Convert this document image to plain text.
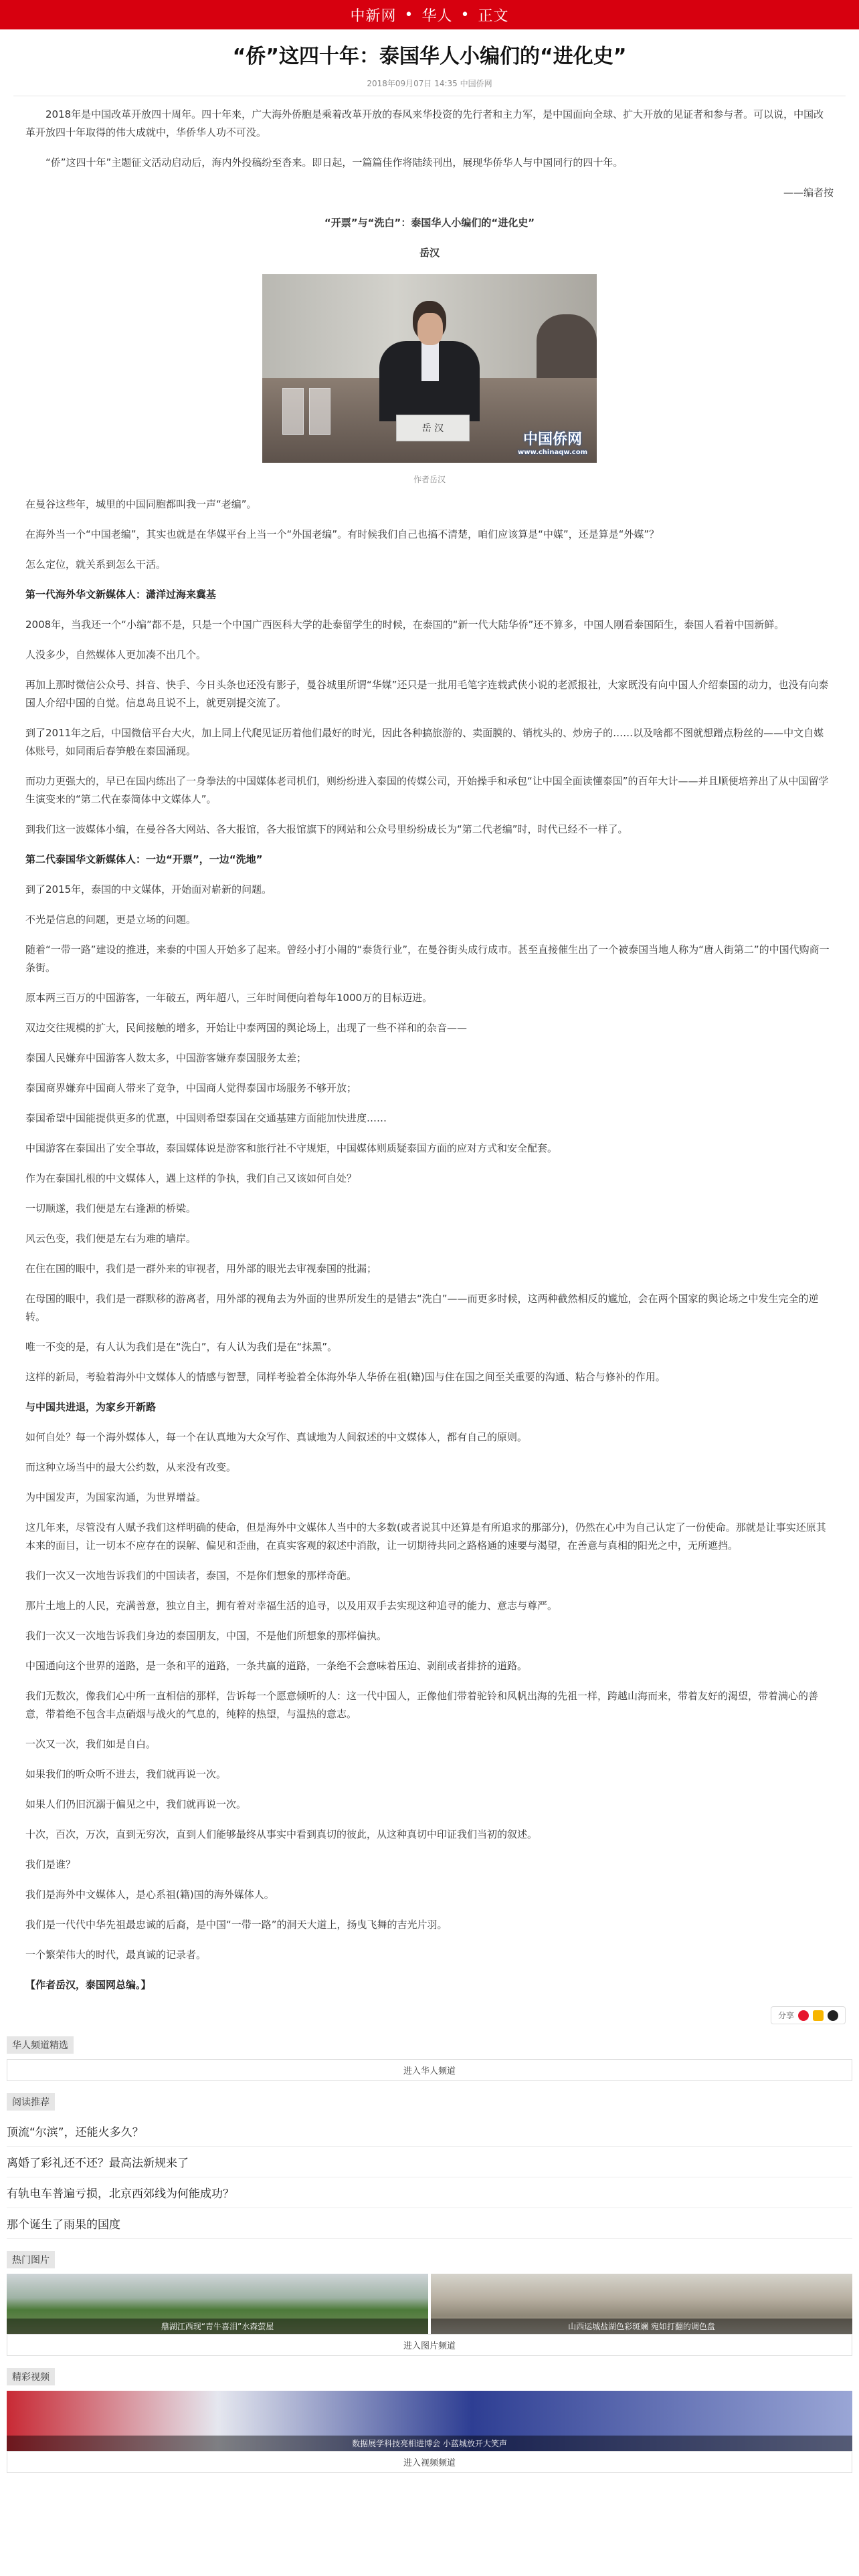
中新网 • 华人 • 正文
“侨”这四十年：泰国华人小编们的“进化史”
2018年09月07日 14:35 中国侨网

2018年是中国改革开放四十周年。四十年来，广大海外侨胞是乘着改革开放的春风来华投资的先行者和主力军，是中国面向全球、扩大开放的见证者和参与者。可以说，中国改革开放四十年取得的伟大成就中，华侨华人功不可没。

“侨”这四十年”主题征文活动启动后，海内外投稿纷至沓来。即日起，一篇篇佳作将陆续刊出，展现华侨华人与中国同行的四十年。

——编者按

“开票”与“洗白”：泰国华人小编们的“进化史”

岳汉

岳 汉
中国侨网
www.chinaqw.com
作者岳汉

在曼谷这些年，城里的中国同胞都叫我一声“老编”。

在海外当一个“中国老编”，其实也就是在华媒平台上当一个“外国老编”。有时候我们自己也搞不清楚，咱们应该算是“中媒”，还是算是“外媒”？

怎么定位，就关系到怎么干活。

第一代海外华文新媒体人：潇洋过海来冀基

2008年，当我还一个“小编”都不是，只是一个中国广西医科大学的赴泰留学生的时候，在泰国的“新一代大陆华侨”还不算多，中国人刚看泰国陌生，泰国人看着中国新鲜。

人没多少，自然媒体人更加凑不出几个。

再加上那时微信公众号、抖音、快手、今日头条也还没有影子，曼谷城里所谓“华媒”还只是一批用毛笔字连载武侠小说的老派报社，大家既没有向中国人介绍泰国的动力，也没有向泰国人介绍中国的自觉。信息岛且说不上，就更别提交流了。

到了2011年之后，中国微信平台大火，加上同上代爬见证历着他们最好的时光，因此各种搞旅游的、卖面膜的、销枕头的、炒房子的……以及啥都不图就想蹭点粉丝的——中文自媒体账号，如同雨后春笋般在泰国涌现。

而功力更强大的，早已在国内练出了一身拳法的中国媒体老司机们，则纷纷进入泰国的传媒公司，开始操手和承包“让中国全面读懂泰国”的百年大计——并且顺便培养出了从中国留学生演变来的“第二代在泰简体中文媒体人”。

到我们这一波媒体小编，在曼谷各大网站、各大报馆，各大报馆旗下的网站和公众号里纷纷成长为“第二代老编”时，时代已经不一样了。

第二代泰国华文新媒体人：一边“开票”，一边“洗地”

到了2015年，泰国的中文媒体，开始面对崭新的问题。

不光是信息的问题，更是立场的问题。

随着“一带一路”建设的推进，来泰的中国人开始多了起来。曾经小打小闹的“泰货行业”，在曼谷街头成行成市。甚至直接催生出了一个被泰国当地人称为“唐人街第二”的中国代购商一条街。

原本两三百万的中国游客，一年破五，两年超八，三年时间便向着每年1000万的目标迈进。

双边交往规模的扩大，民间接触的增多，开始让中泰两国的舆论场上，出现了一些不祥和的杂音——

泰国人民嫌弃中国游客人数太多，中国游客嫌弃泰国服务太差；

泰国商界嫌弃中国商人带来了竞争，中国商人觉得泰国市场服务不够开放；

泰国希望中国能提供更多的优惠，中国则希望泰国在交通基建方面能加快进度……

中国游客在泰国出了安全事故，泰国媒体说是游客和旅行社不守规矩，中国媒体则质疑泰国方面的应对方式和安全配套。

作为在泰国扎根的中文媒体人，遇上这样的争执，我们自己又该如何自处？

一切顺遂，我们便是左右逢源的桥梁。

风云色变，我们便是左右为难的墙岸。

在住在国的眼中，我们是一群外来的审视者，用外部的眼光去审视泰国的批漏；

在母国的眼中，我们是一群默移的游离者，用外部的视角去为外面的世界所发生的是错去“洗白”——而更多时候，这两种截然相反的尴尬，会在两个国家的舆论场之中发生完全的逆转。

唯一不变的是，有人认为我们是在“洗白”，有人认为我们是在“抹黑”。

这样的新局，考验着海外中文媒体人的情感与智慧，同样考验着全体海外华人华侨在祖(籍)国与住在国之间至关重要的沟通、粘合与修补的作用。

与中国共进退，为家乡开新路

如何自处？每一个海外媒体人，每一个在认真地为大众写作、真诚地为人间叙述的中文媒体人，都有自己的原则。

而这种立场当中的最大公约数，从来没有改变。

为中国发声，为国家沟通，为世界增益。

这几年来，尽管没有人赋予我们这样明确的使命，但是海外中文媒体人当中的大多数(或者说其中还算是有所追求的那部分)，仍然在心中为自己认定了一份使命。那就是让事实还原其本来的面目，让一切本不应存在的误解、偏见和歪曲，在真实客观的叙述中消散，让一切期待共同之路格通的速要与渴望，在善意与真相的阳光之中，无所遮挡。

我们一次又一次地告诉我们的中国读者，泰国，不是你们想象的那样奇葩。

那片土地上的人民，充满善意，独立自主，拥有着对幸福生活的追寻，以及用双手去实现这种追寻的能力、意志与尊严。

我们一次又一次地告诉我们身边的泰国朋友，中国，不是他们所想象的那样偏执。

中国通向这个世界的道路，是一条和平的道路，一条共赢的道路，一条绝不会意味着压迫、剥削或者排挤的道路。

我们无数次，像我们心中所一直相信的那样，告诉每一个愿意倾听的人：这一代中国人，正像他们带着驼铃和风帆出海的先祖一样，跨越山海而来，带着友好的渴望，带着满心的善意，带着绝不包含丰点硝烟与战火的气息的，纯粹的热望，与温热的意志。

一次又一次，我们如是自白。

如果我们的听众听不进去，我们就再说一次。

如果人们仍旧沉溺于偏见之中，我们就再说一次。

十次，百次，万次，直到无穷次，直到人们能够最终从事实中看到真切的彼此，从这种真切中印证我们当初的叙述。

我们是谁？

我们是海外中文媒体人，是心系祖(籍)国的海外媒体人。

我们是一代代中华先祖最忠诚的后裔，是中国“一带一路”的洞天大道上，扬曳飞舞的吉光片羽。

一个繁荣伟大的时代，最真诚的记录者。

【作者岳汉，泰国网总编。】

分享
华人频道精选
进入华人频道
阅读推荐
顶流“尔滨”，还能火多久？
离婚了彩礼还不还？最高法新规来了
有轨电车普遍亏损，北京西郊线为何能成功？
那个诞生了雨果的国度
热门图片
鼎湖江西现“青牛喜泪”水森萤屋	山西运城盐湖色彩斑斓 宛如打翻的调色盘
进入图片频道
精彩视频
数据展学科技亮相进博会 小蓝城放开大笑声
进入视频频道
